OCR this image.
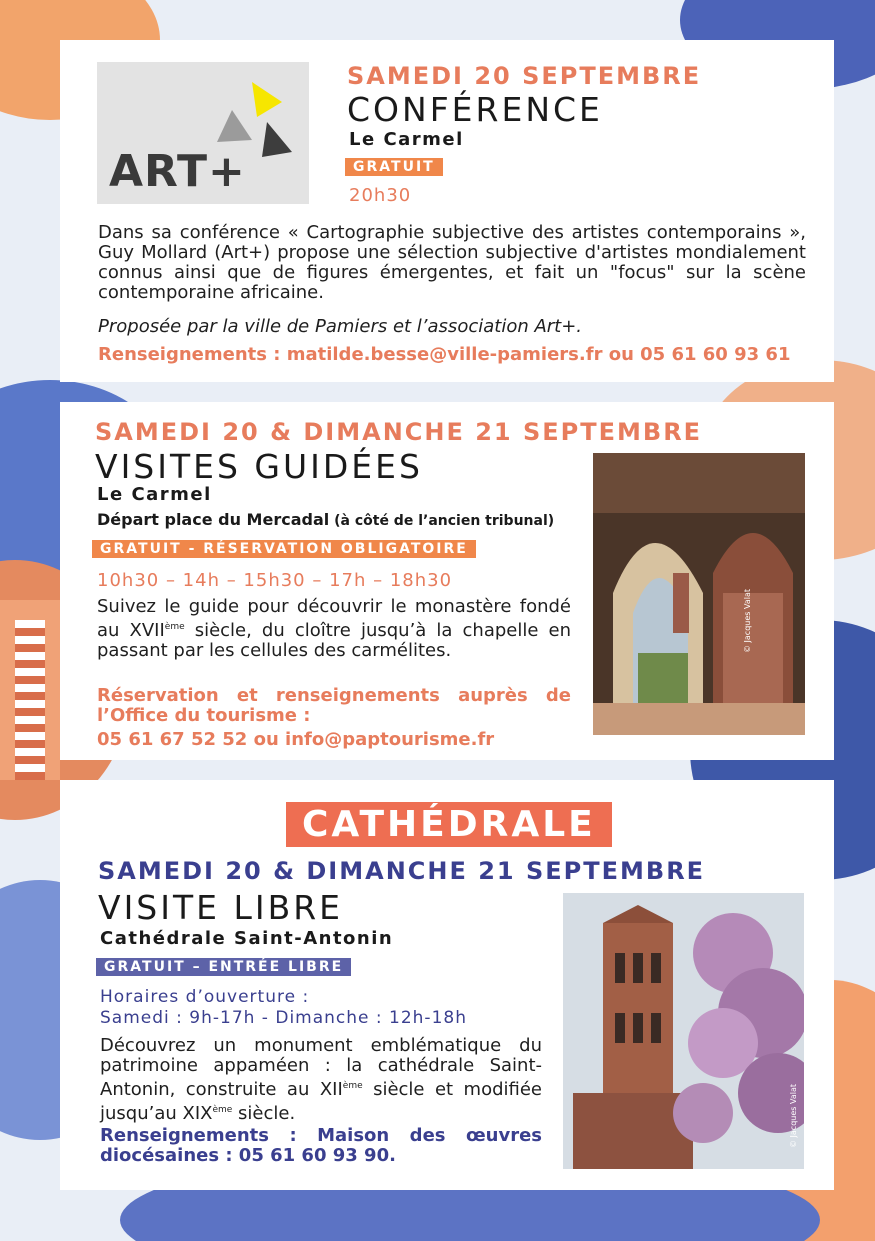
ART+
SAMEDI 20 SEPTEMBRE
CONFÉRENCE
Le Carmel
GRATUIT
20h30

Dans sa conférence « Cartographie subjective des artistes contemporains », Guy Mollard (Art+) propose une sélection subjective d'artistes mondialement connus ainsi que de figures émergentes, et fait un "focus" sur la scène contemporaine africaine.

Proposée par la ville de Pamiers et l’association Art+.
Renseignements : matilde.besse@ville-pamiers.fr ou 05 61 60 93 61
SAMEDI 20 & DIMANCHE 21 SEPTEMBRE
VISITES GUIDÉES
Le Carmel
Départ place du Mercadal (à côté de l’ancien tribunal)
GRATUIT - RÉSERVATION OBLIGATOIRE
10h30 – 14h – 15h30 – 17h – 18h30

Suivez le guide pour découvrir le monastère fondé au XVIIème siècle, du cloître jusqu’à la chapelle en passant par les cellules des carmélites.

Réservation et renseignements auprès de l’Office du tourisme :
05 61 67 52 52 ou info@paptourisme.fr
© Jacques Valat
CATHÉDRALE
SAMEDI 20 & DIMANCHE 21 SEPTEMBRE
VISITE LIBRE
Cathédrale Saint-Antonin
GRATUIT – ENTRÉE LIBRE
Horaires d’ouverture :
Samedi : 9h-17h - Dimanche : 12h-18h

Découvrez un monument emblématique du patrimoine appaméen : la cathédrale Saint-Antonin, construite au XIIème siècle et modifiée jusqu’au XIXème siècle.

Renseignements : Maison des œuvres diocésaines : 05 61 60 93 90.
© Jacques Valat
